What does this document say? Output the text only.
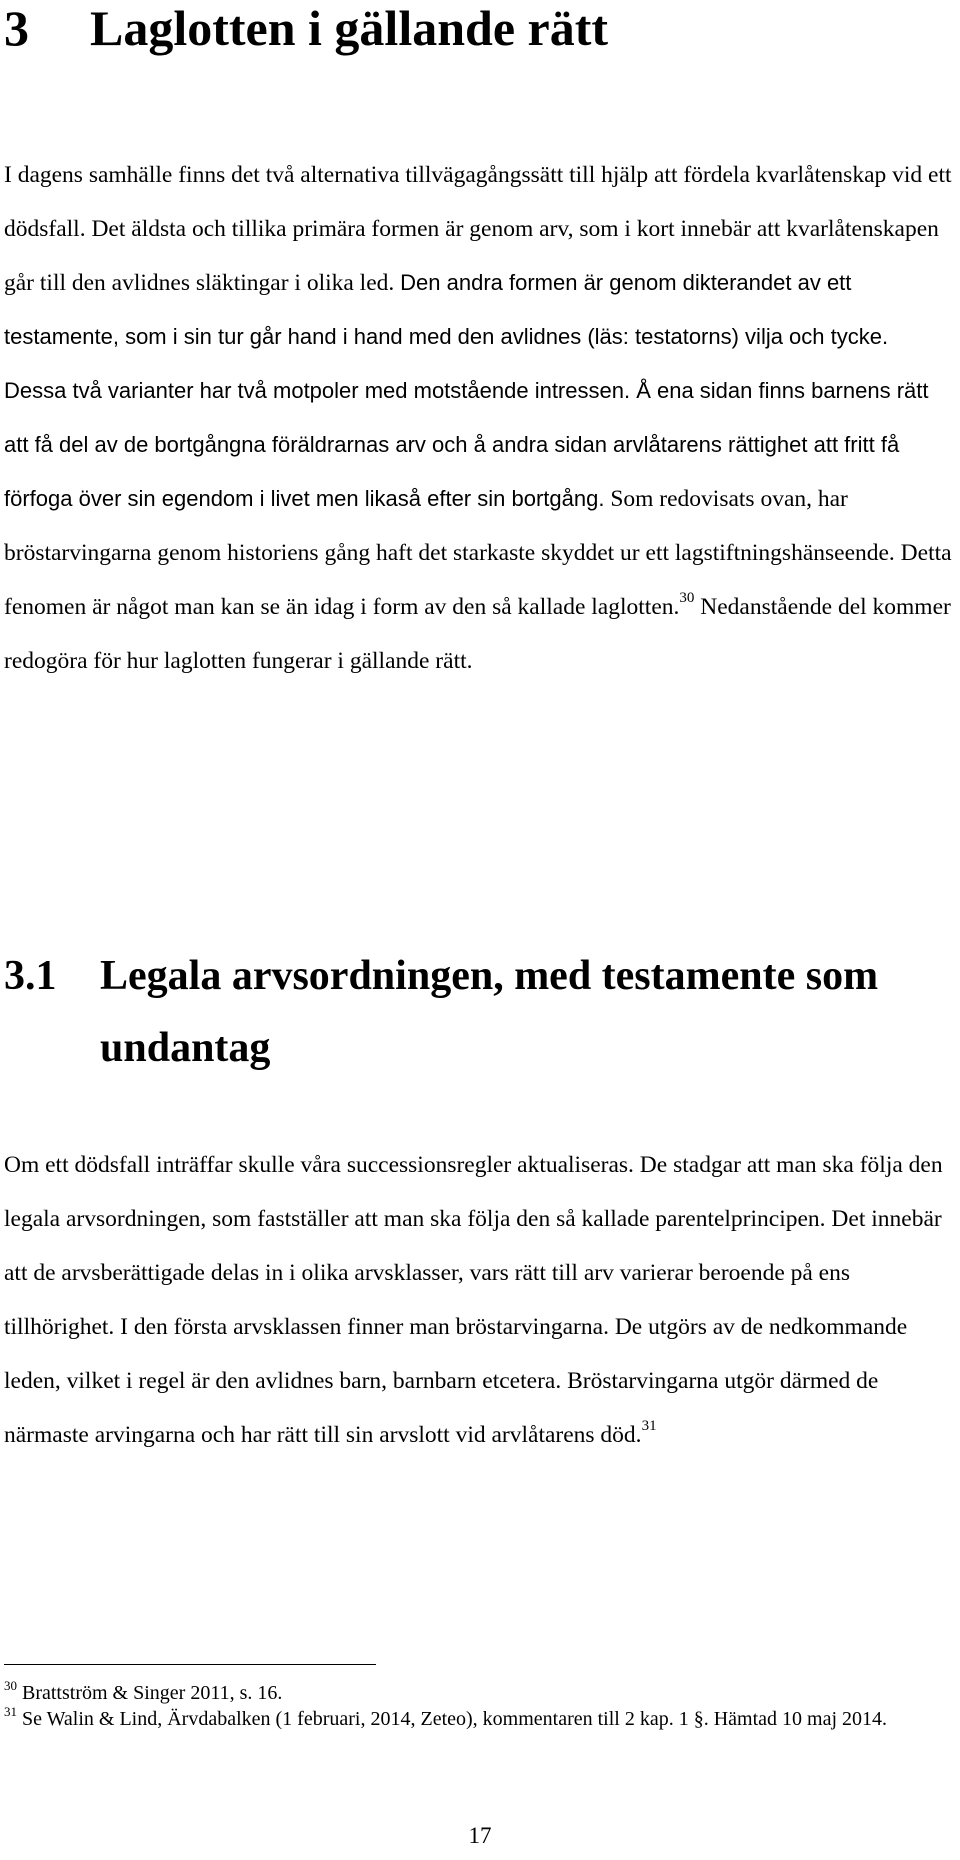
3 Laglotten i gällande rätt

I dagens samhälle finns det två alternativa tillvägagångssätt till hjälp att fördela kvarlåtenskap vid ett dödsfall. Det äldsta och tillika primära formen är genom arv, som i kort innebär att kvarlåtenskapen går till den avlidnes släktingar i olika led. Den andra formen är genom dikterandet av ett testamente, som i sin tur går hand i hand med den avlidnes (läs: testatorns) vilja och tycke. Dessa två varianter har två motpoler med motstående intressen. Å ena sidan finns barnens rätt att få del av de bortgångna föräldrarnas arv och å andra sidan arvlåtarens rättighet att fritt få förfoga över sin egendom i livet men likaså efter sin bortgång. Som redovisats ovan, har bröstarvingarna genom historiens gång haft det starkaste skyddet ur ett lagstiftningshänseende. Detta fenomen är något man kan se än idag i form av den så kallade laglotten.$^{30}$ Nedanstående del kommer redogöra för hur laglotten fungerar i gällande rätt.

3.1 Legala arvsordningen, med testamente som undantag

Om ett dödsfall inträffar skulle våra successionsregler aktualiseras. De stadgar att man ska följa den legala arvsordningen, som fastställer att man ska följa den så kallade parentelprincipen. Det innebär att de arvsberättigade delas in i olika arvsklasser, vars rätt till arv varierar beroende på ens tillhörighet. I den första arvsklassen finner man bröstarvingarna. De utgörs av de nedkommande leden, vilket i regel är den avlidnes barn, barnbarn etcetera. Bröstarvingarna utgör därmed de närmaste arvingarna och har rätt till sin arvslott vid arvlåtarens död.$^{31}$

$^{30}$ Brattström & Singer 2011, s. 16.

$^{31}$ Se Walin & Lind, Ärvdabalken (1 februari, 2014, Zeteo), kommentaren till 2 kap. 1 §. Hämtad 10 maj 2014.

17
